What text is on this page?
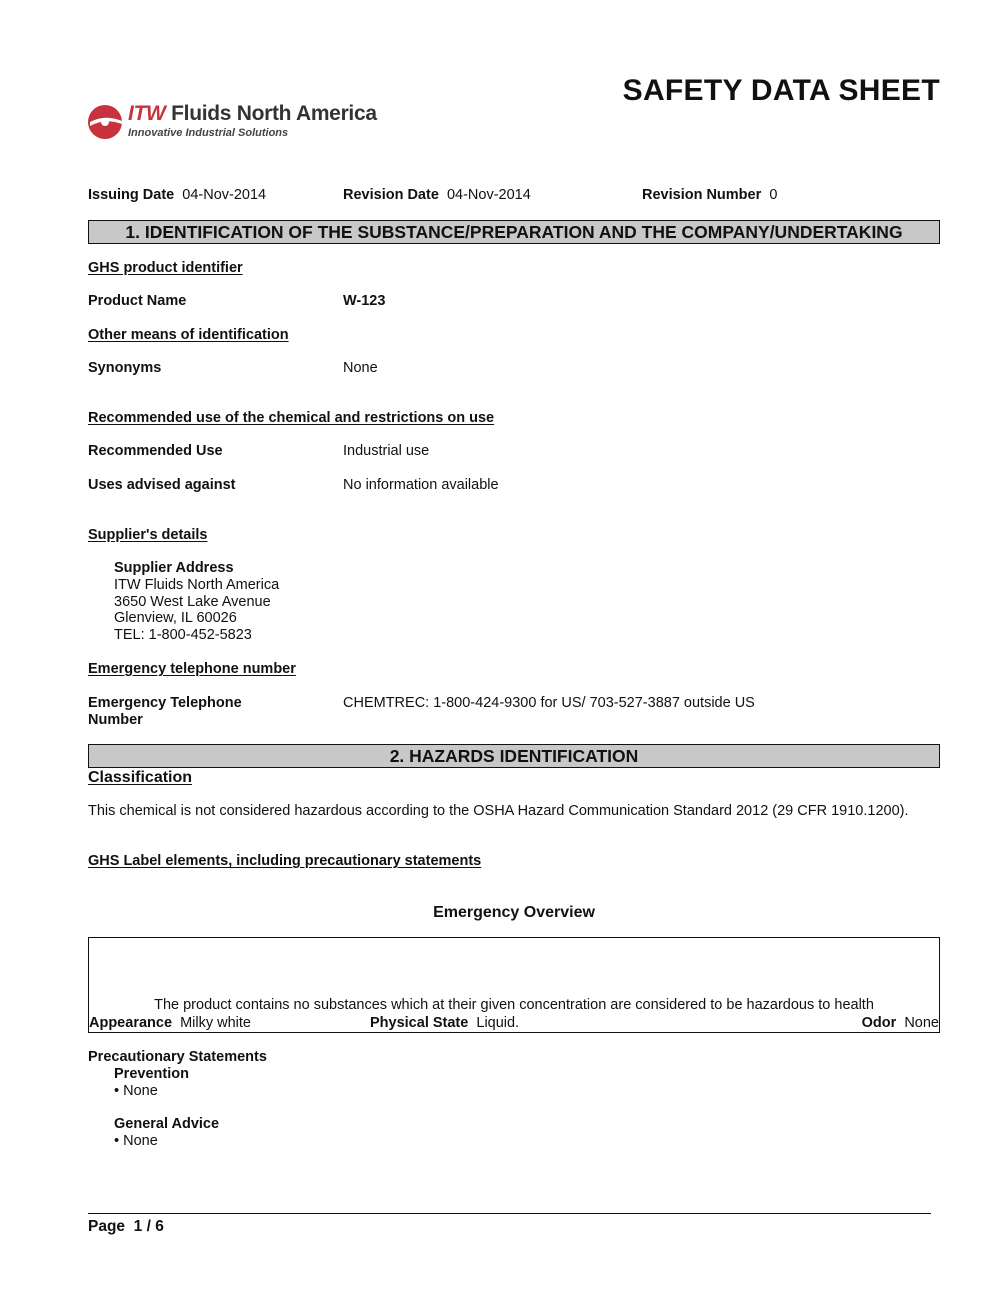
SAFETY DATA SHEET
ITW Fluids North America
Innovative Industrial Solutions
Issuing Date 04-Nov-2014	Revision Date 04-Nov-2014	Revision Number 0
1. IDENTIFICATION OF THE SUBSTANCE/PREPARATION AND THE COMPANY/UNDERTAKING
GHS product identifier
Product Name	W-123
Other means of identification
Synonyms	None
Recommended use of the chemical and restrictions on use
Recommended Use	Industrial use
Uses advised against	No information available
Supplier's details
Supplier Address
ITW Fluids North America
3650 West Lake Avenue
Glenview, IL 60026
TEL: 1-800-452-5823
Emergency telephone number
Emergency Telephone
Number
CHEMTREC: 1-800-424-9300 for US/ 703-527-3887 outside US
2. HAZARDS IDENTIFICATION
Classification
This chemical is not considered hazardous according to the OSHA Hazard Communication Standard 2012 (29 CFR 1910.1200).
GHS Label elements, including precautionary statements
Emergency Overview
The product contains no substances which at their given concentration are considered to be hazardous to health
Appearance Milky white	Physical State Liquid.	Odor None
Precautionary Statements
Prevention
• None
General Advice
• None
Page  1 / 6
